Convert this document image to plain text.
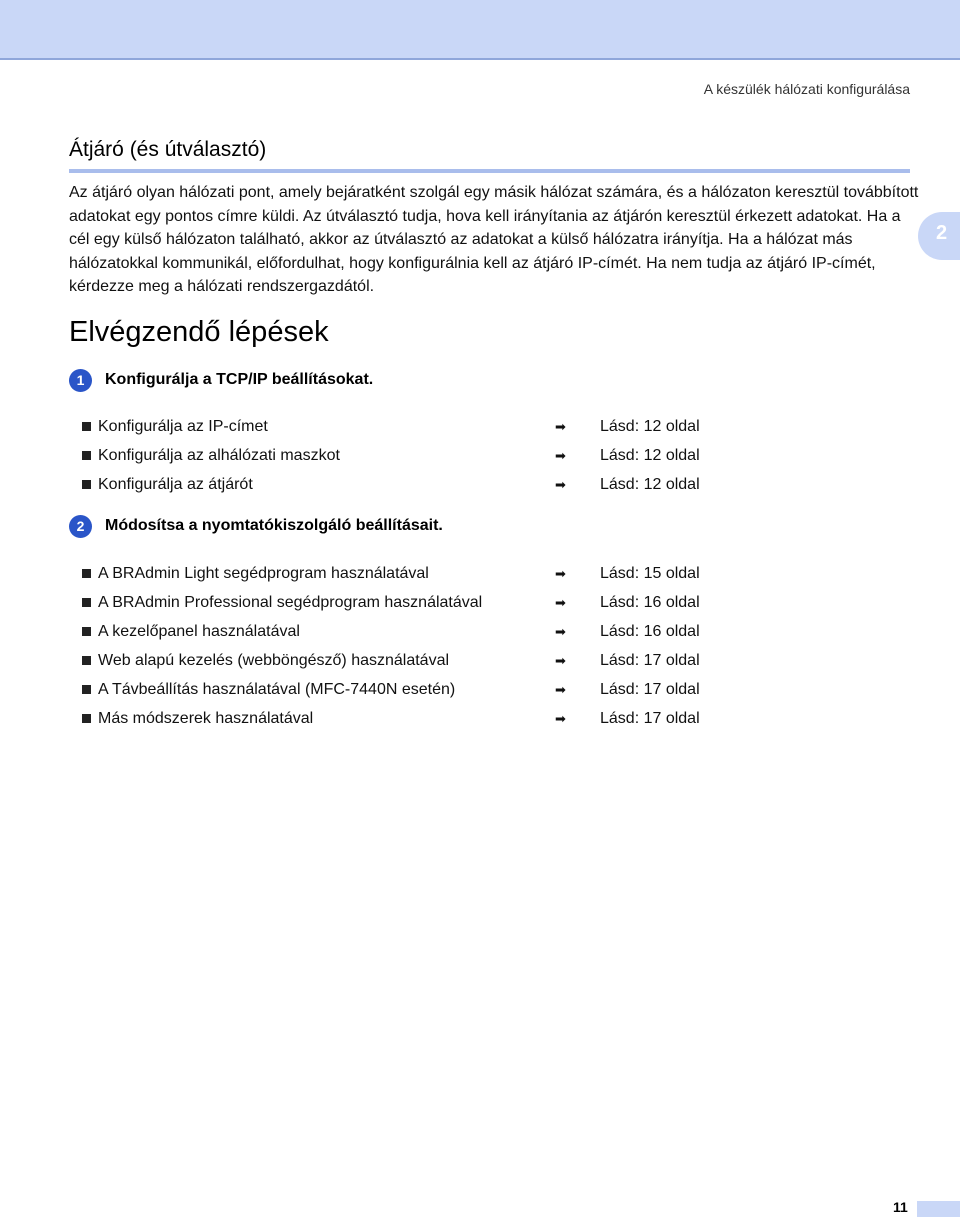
A készülék hálózati konfigurálása
Átjáró (és útválasztó)

Az átjáró olyan hálózati pont, amely bejáratként szolgál egy másik hálózat számára, és a hálózaton keresztül továbbított adatokat egy pontos címre küldi. Az útválasztó tudja, hova kell irányítania az átjárón keresztül érkezett adatokat. Ha a cél egy külső hálózaton található, akkor az útválasztó az adatokat a külső hálózatra irányítja. Ha a hálózat más hálózatokkal kommunikál, előfordulhat, hogy konfigurálnia kell az átjáró IP-címét. Ha nem tudja az átjáró IP-címét, kérdezze meg a hálózati rendszergazdától.

2
Elvégzendő lépések
1	Konfigurálja a TCP/IP beállításokat.
Konfigurálja az IP-címet	➡ Lásd: 12 oldal
Konfigurálja az alhálózati maszkot	➡ Lásd: 12 oldal
Konfigurálja az átjárót	➡ Lásd: 12 oldal
2	Módosítsa a nyomtatókiszolgáló beállításait.
A BRAdmin Light segédprogram használatával	➡ Lásd: 15 oldal
A BRAdmin Professional segédprogram használatával	➡ Lásd: 16 oldal
A kezelőpanel használatával	➡ Lásd: 16 oldal
Web alapú kezelés (webböngésző) használatával	➡ Lásd: 17 oldal
A Távbeállítás használatával (MFC-7440N esetén)	➡ Lásd: 17 oldal
Más módszerek használatával	➡ Lásd: 17 oldal
11
